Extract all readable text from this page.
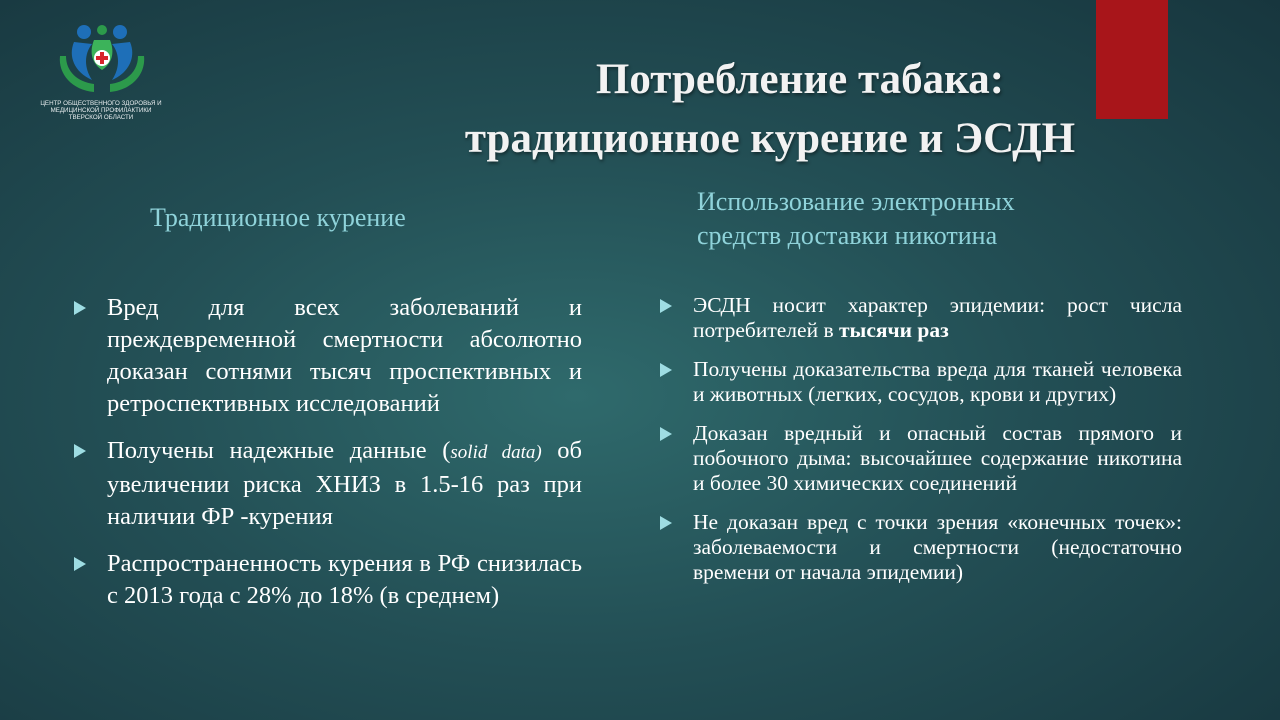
ЦЕНТР ОБЩЕСТВЕННОГО ЗДОРОВЬЯ И
МЕДИЦИНСКОЙ ПРОФИЛАКТИКИ
ТВЕРСКОЙ ОБЛАСТИ
Потребление табака:
традиционное курение и ЭСДН
Традиционное курение
Использование электронных
средств доставки никотина
Вред для всех заболеваний и преждевременной смертности абсолютно доказан сотнями тысяч проспективных и ретроспективных исследований
Получены надежные данные (solid data) об увеличении риска ХНИЗ в 1.5-16 раз при наличии ФР -курения
Распространенность курения в РФ снизилась с 2013 года с 28% до 18% (в среднем)
ЭСДН носит характер эпидемии: рост числа потребителей в тысячи раз
Получены доказательства вреда для тканей человека и животных (легких, сосудов, крови и других)
Доказан вредный и опасный состав прямого и побочного дыма: высочайшее содержание никотина и более 30 химических соединений
Не доказан вред с точки зрения «конечных точек»: заболеваемости и смертности (недостаточно времени от начала эпидемии)
